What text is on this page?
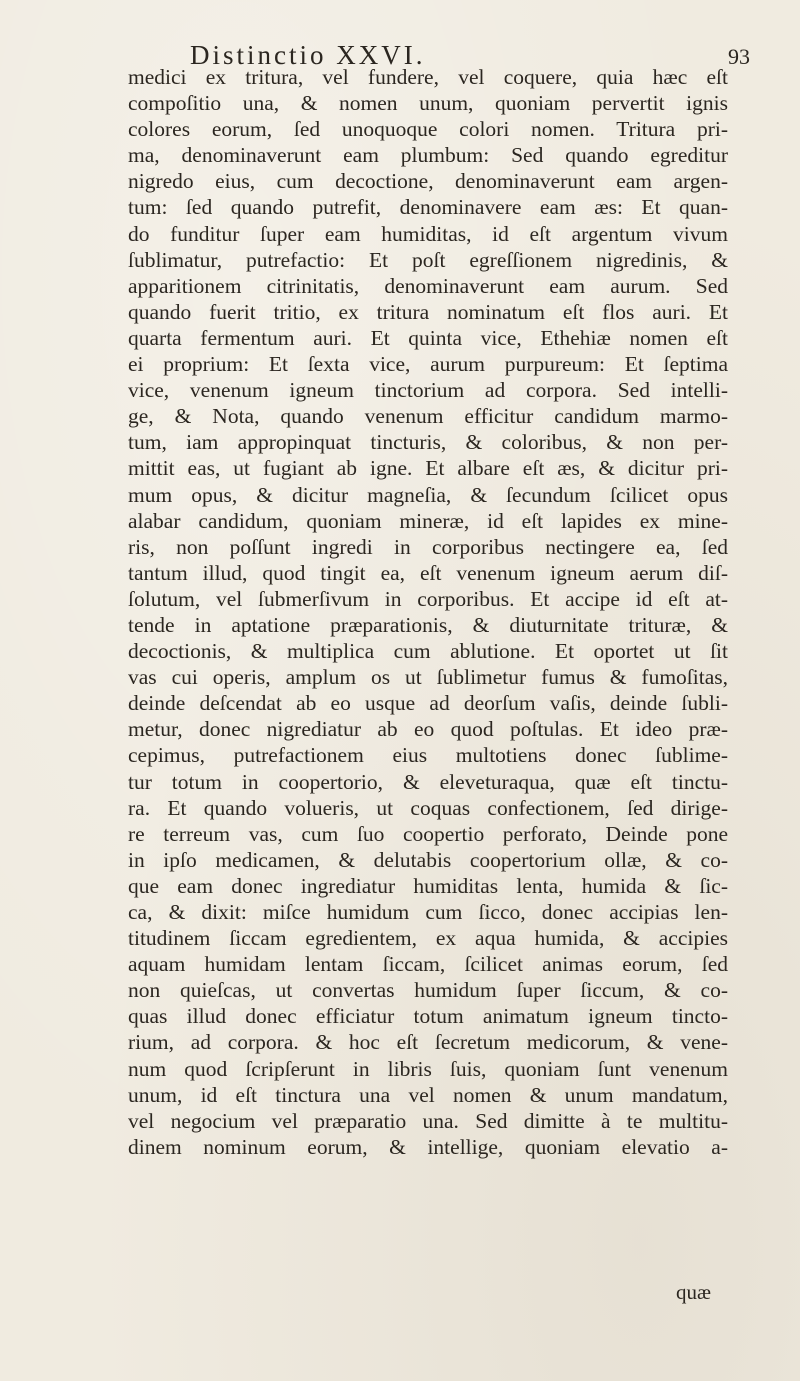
Distinctio XXVI.	93
medici ex tritura, vel fundere, vel coquere, quia hæc eſt
compoſitio una, & nomen unum, quoniam pervertit ignis
colores eorum, ſed unoquoque colori nomen. Tritura pri-
ma, denominaverunt eam plumbum: Sed quando egreditur
nigredo eius, cum decoctione, denominaverunt eam argen-
tum: ſed quando putrefit, denominavere eam æs: Et quan-
do funditur ſuper eam humiditas, id eſt argentum vivum
ſublimatur, putrefactio: Et poſt egreſſionem nigredinis, &
apparitionem citrinitatis, denominaverunt eam aurum. Sed
quando fuerit tritio, ex tritura nominatum eſt flos auri. Et
quarta fermentum auri. Et quinta vice, Ethehiæ nomen eſt
ei proprium: Et ſexta vice, aurum purpureum: Et ſeptima
vice, venenum igneum tinctorium ad corpora. Sed intelli-
ge, & Nota, quando venenum efficitur candidum marmo-
tum, iam appropinquat tincturis, & coloribus, & non per-
mittit eas, ut fugiant ab igne. Et albare eſt æs, & dicitur pri-
mum opus, & dicitur magneſia, & ſecundum ſcilicet opus
alabar candidum, quoniam mineræ, id eſt lapides ex mine-
ris, non poſſunt ingredi in corporibus nectingere ea, ſed
tantum illud, quod tingit ea, eſt venenum igneum aerum diſ-
ſolutum, vel ſubmerſivum in corporibus. Et accipe id eſt at-
tende in aptatione præparationis, & diuturnitate trituræ, &
decoctionis, & multiplica cum ablutione. Et oportet ut ſit
vas cui operis, amplum os ut ſublimetur fumus & fumoſitas,
deinde deſcendat ab eo usque ad deorſum vaſis, deinde ſubli-
metur, donec nigrediatur ab eo quod poſtulas. Et ideo præ-
cepimus, putrefactionem eius multotiens donec ſublime-
tur totum in coopertorio, & eleveturaqua, quæ eſt tinctu-
ra. Et quando volueris, ut coquas confectionem, ſed dirige-
re terreum vas, cum ſuo coopertio perforato, Deinde pone
in ipſo medicamen, & delutabis coopertorium ollæ, & co-
que eam donec ingrediatur humiditas lenta, humida & ſic-
ca, & dixit: miſce humidum cum ſicco, donec accipias len-
titudinem ſiccam egredientem, ex aqua humida, & accipies
aquam humidam lentam ſiccam, ſcilicet animas eorum, ſed
non quieſcas, ut convertas humidum ſuper ſiccum, & co-
quas illud donec efficiatur totum animatum igneum tincto-
rium, ad corpora. & hoc eſt ſecretum medicorum, & vene-
num quod ſcripſerunt in libris ſuis, quoniam ſunt venenum
unum, id eſt tinctura una vel nomen & unum mandatum,
vel negocium vel præparatio una. Sed dimitte à te multitu-
dinem nominum eorum, & intellige, quoniam elevatio a-
quæ
